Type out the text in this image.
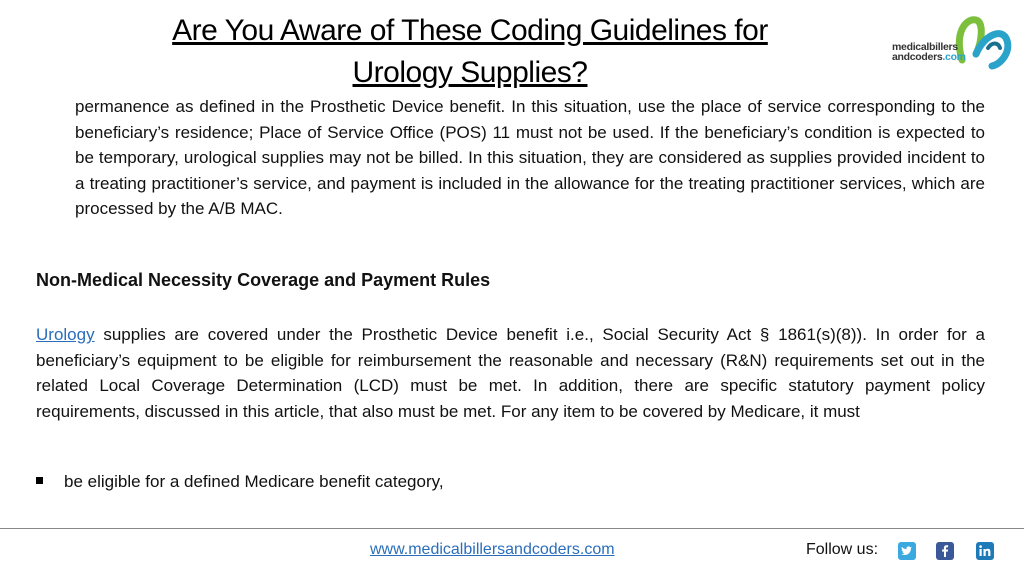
Are You Aware of These Coding Guidelines for
Urology Supplies?
medicalbillers
andcoders.com
permanence as defined in the Prosthetic Device benefit. In this situation, use the place of service corresponding to the beneficiary’s residence; Place of Service Office (POS) 11 must not be used. If the beneficiary’s condition is expected to be temporary, urological supplies may not be billed. In this situation, they are considered as supplies provided incident to a treating practitioner’s service, and payment is included in the allowance for the treating practitioner services, which are processed by the A/B MAC.
Non-Medical Necessity Coverage and Payment Rules
Urology supplies are covered under the Prosthetic Device benefit i.e., Social Security Act § 1861(s)(8)). In order for a beneficiary’s equipment to be eligible for reimbursement the reasonable and necessary (R&N) requirements set out in the related Local Coverage Determination (LCD) must be met. In addition, there are specific statutory payment policy requirements, discussed in this article, that also must be met. For any item to be covered by Medicare, it must
be eligible for a defined Medicare benefit category,
www.medicalbillersandcoders.com	Follow us:
